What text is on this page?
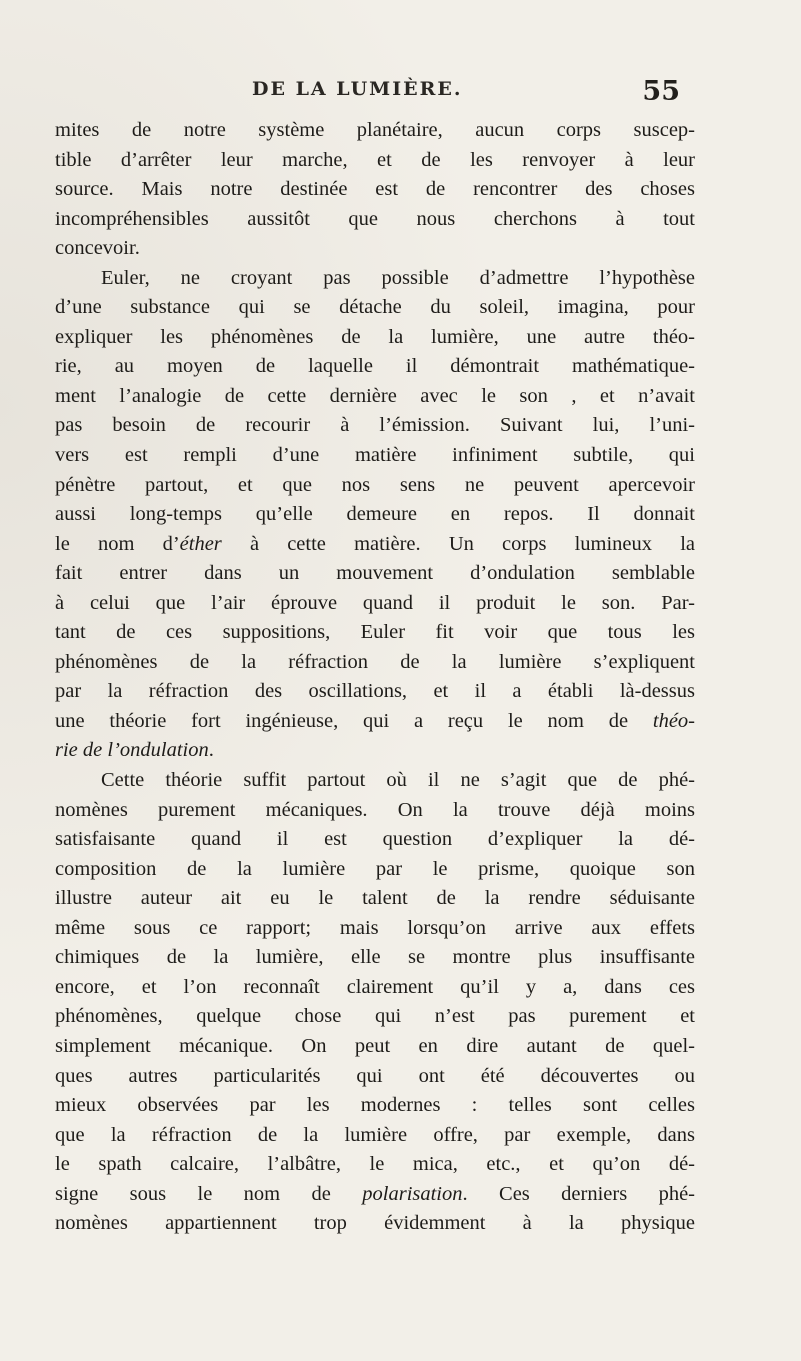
DE LA LUMIÈRE.	55
mites de notre système planétaire, aucun corps suscep-
tible d’arrêter leur marche, et de les renvoyer à leur
source. Mais notre destinée est de rencontrer des choses
incompréhensibles aussitôt que nous cherchons à tout
concevoir.
Euler, ne croyant pas possible d’admettre l’hypothèse
d’une substance qui se détache du soleil, imagina, pour
expliquer les phénomènes de la lumière, une autre théo-
rie, au moyen de laquelle il démontrait mathématique-
ment l’analogie de cette dernière avec le son , et n’avait
pas besoin de recourir à l’émission. Suivant lui, l’uni-
vers est rempli d’une matière infiniment subtile, qui
pénètre partout, et que nos sens ne peuvent apercevoir
aussi long-temps qu’elle demeure en repos. Il donnait
le nom d’éther à cette matière. Un corps lumineux la
fait entrer dans un mouvement d’ondulation semblable
à celui que l’air éprouve quand il produit le son. Par-
tant de ces suppositions, Euler fit voir que tous les
phénomènes de la réfraction de la lumière s’expliquent
par la réfraction des oscillations, et il a établi là-dessus
une théorie fort ingénieuse, qui a reçu le nom de théo-
rie de l’ondulation.
Cette théorie suffit partout où il ne s’agit que de phé-
nomènes purement mécaniques. On la trouve déjà moins
satisfaisante quand il est question d’expliquer la dé-
composition de la lumière par le prisme, quoique son
illustre auteur ait eu le talent de la rendre séduisante
même sous ce rapport; mais lorsqu’on arrive aux effets
chimiques de la lumière, elle se montre plus insuffisante
encore, et l’on reconnaît clairement qu’il y a, dans ces
phénomènes, quelque chose qui n’est pas purement et
simplement mécanique. On peut en dire autant de quel-
ques autres particularités qui ont été découvertes ou
mieux observées par les modernes : telles sont celles
que la réfraction de la lumière offre, par exemple, dans
le spath calcaire, l’albâtre, le mica, etc., et qu’on dé-
signe sous le nom de polarisation. Ces derniers phé-
nomènes appartiennent trop évidemment à la physique
